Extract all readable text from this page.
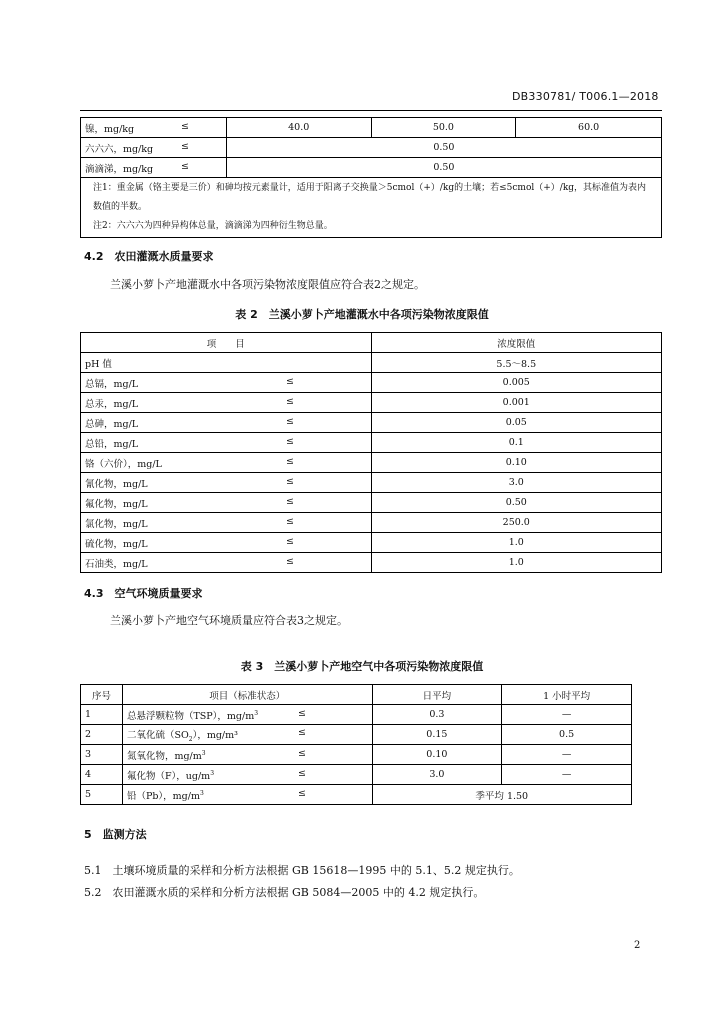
DB330781/ T006.1—2018
镍，mg/kg ≤	40.0	50.0	60.0
六六六，mg/kg ≤	0.50		
滴滴涕，mg/kg ≤	0.50		

注1：重金属（铬主要是三价）和砷均按元素量计，适用于阳离子交换量＞5cmol（+）/kg的土壤；若≤5cmol（+）/kg，其标准值为表内数值的半数。
注2：六六六为四种异构体总量，滴滴涕为四种衍生物总量。			
4.2　农田灌溉水质量要求
兰溪小萝卜产地灌溉水中各项污染物浓度限值应符合表2之规定。
表 2　兰溪小萝卜产地灌溉水中各项污染物浓度限值
项　　目	浓度限值
pH 值	5.5～8.5
总镉，mg/L ≤	0.005
总汞，mg/L ≤	0.001
总砷，mg/L ≤	0.05
总铅，mg/L ≤	0.1
铬（六价），mg/L ≤	0.10
氰化物，mg/L ≤	3.0
氟化物，mg/L ≤	0.50
氯化物，mg/L ≤	250.0
硫化物，mg/L ≤	1.0
石油类，mg/L ≤	1.0
4.3　空气环境质量要求
兰溪小萝卜产地空气环境质量应符合表3之规定。
表 3　兰溪小萝卜产地空气中各项污染物浓度限值
序号	项目（标准状态）	日平均	1 小时平均
1	总悬浮颗粒物（TSP），$mg/m^3$ ≤	0.3	—
2	二氧化硫$(SO_2)$，mg/m³ ≤	0.15	0.5
3	氮氧化物，$mg/m^3$ ≤	0.10	—
4	氟化物（F），$ug/m^3$ ≤	3.0	—
5	铅（Pb），$mg/m^3$ ≤	季平均 1.50	
5　监测方法
5.1　土壤环境质量的采样和分析方法根据 GB 15618—1995 中的 5.1、5.2 规定执行。
5.2　农田灌溉水质的采样和分析方法根据 GB 5084—2005 中的 4.2 规定执行。
2
